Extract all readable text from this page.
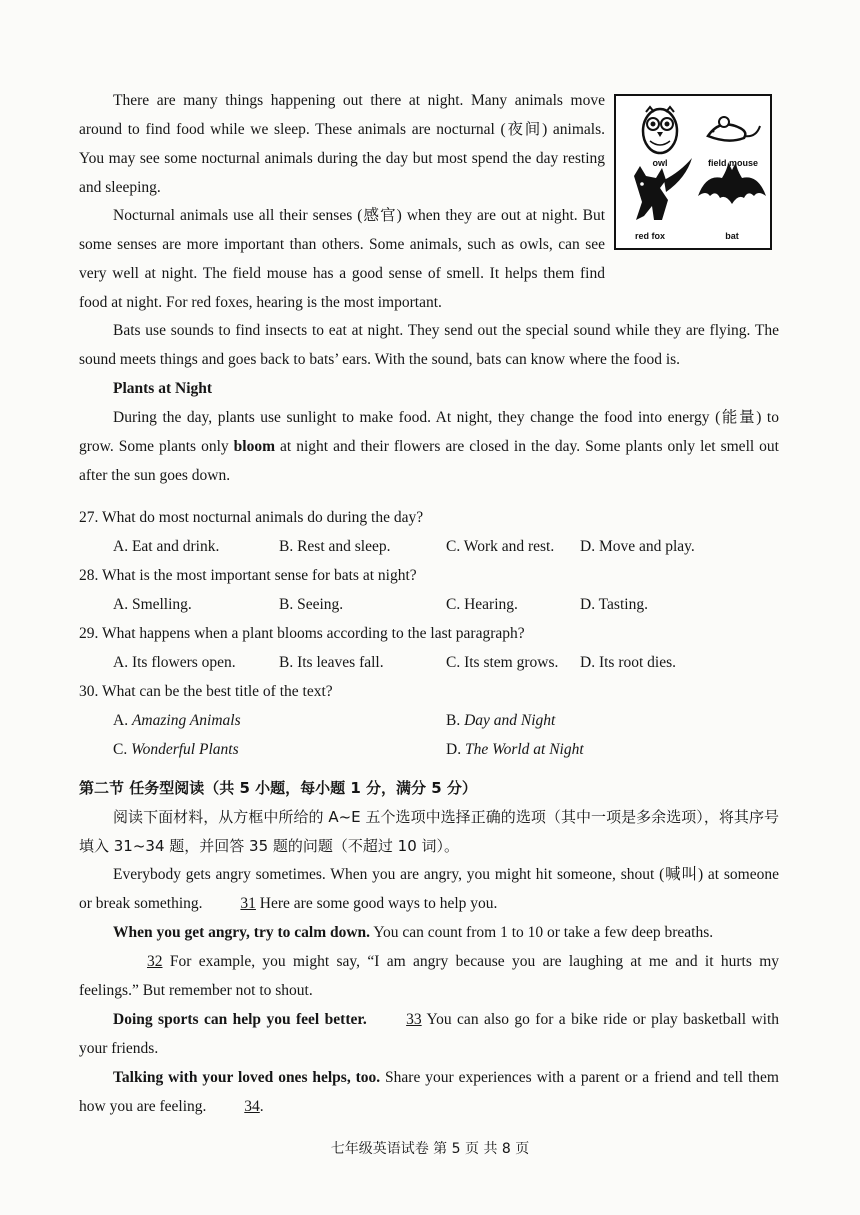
There are many things happening out there at night. Many animals move around to find food while we sleep. These animals are nocturnal (夜间) animals. You may see some nocturnal animals during the day but most spend the day resting and sleeping.

Nocturnal animals use all their senses (感官) when they are out at night. But some senses are more important than others. Some animals, such as owls, can see very well at night. The field mouse has a good sense of smell. It helps them find food at night. For red foxes, hearing is the most important.

owl	field mouse
red fox	bat

Bats use sounds to find insects to eat at night. They send out the special sound while they are flying. The sound meets things and goes back to bats’ ears. With the sound, bats can know where the food is.

Plants at Night

During the day, plants use sunlight to make food. At night, they change the food into energy (能量) to grow. Some plants only bloom at night and their flowers are closed in the day. Some plants only let smell out after the sun goes down.

27. What do most nocturnal animals do during the day?
A. Eat and drink.	B. Rest and sleep.	C. Work and rest. D. Move and play.
28. What is the most important sense for bats at night?
A. Smelling.	B. Seeing.	C. Hearing.	D. Tasting.
29. What happens when a plant blooms according to the last paragraph?
A. Its flowers open.	B. Its leaves fall.	C. Its stem grows. D. Its root dies.
30. What can be the best title of the text?
A. Amazing Animals	B. Day and Night
C. Wonderful Plants	D. The World at Night
第二节 任务型阅读（共 5 小题，每小题 1 分，满分 5 分）

阅读下面材料，从方框中所给的 A~E 五个选项中选择正确的选项（其中一项是多余选项），将其序号填入 31~34 题，并回答 35 题的问题（不超过 10 词）。

Everybody gets angry sometimes. When you are angry, you might hit someone, shout (喊叫) at someone or break something. 31 Here are some good ways to help you.

When you get angry, try to calm down. You can count from 1 to 10 or take a few deep breaths.

32 For example, you might say, “I am angry because you are laughing at me and it hurts my feelings.” But remember not to shout.

Doing sports can help you feel better.	33 You can also go for a bike ride or play basketball with your friends.

Talking with your loved ones helps, too. Share your experiences with a parent or a friend and tell them how you are feeling. 34.

七年级英语试卷 第 5 页 共 8 页
